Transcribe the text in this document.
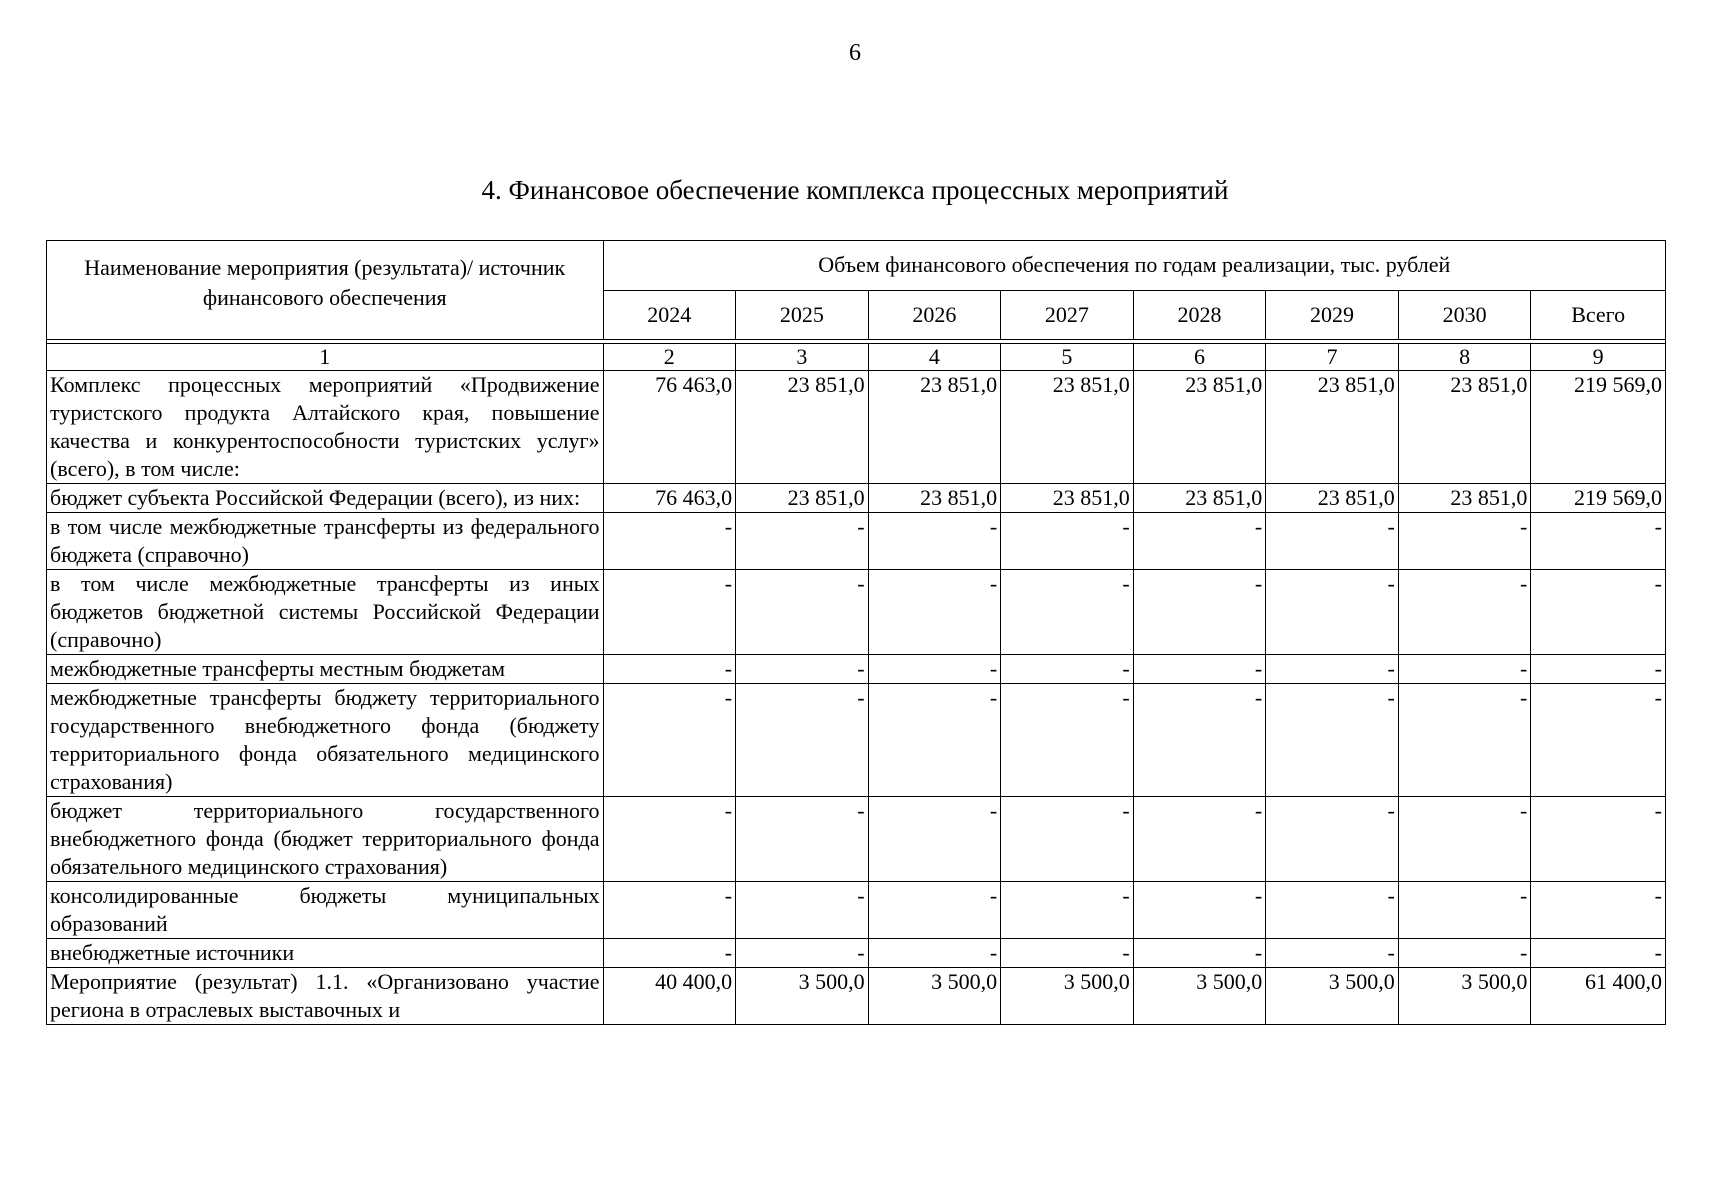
6
4. Финансовое обеспечение комплекса процессных мероприятий
Наименование мероприятия (результата)/ источник финансового обеспечения	Объем финансового обеспечения по годам реализации, тыс. рублей							
	2024	2025	2026	2027	2028	2029	2030	Всего

1	2	3	4	5	6	7	8	9
Комплекс процессных мероприятий «Продвижение туристского продукта Алтайского края, повышение качества и конкурентоспособности туристских услуг» (всего), в том числе:	76 463,0	23 851,0	23 851,0	23 851,0	23 851,0	23 851,0	23 851,0	219 569,0
бюджет субъекта Российской Федерации (всего), из них:	76 463,0	23 851,0	23 851,0	23 851,0	23 851,0	23 851,0	23 851,0	219 569,0
в том числе межбюджетные трансферты из федерального бюджета (справочно)	-	-	-	-	-	-	-	-
в том числе межбюджетные трансферты из иных бюджетов бюджетной системы Российской Федерации (справочно)	-	-	-	-	-	-	-	-
межбюджетные трансферты местным бюджетам	-	-	-	-	-	-	-	-
межбюджетные трансферты бюджету территориального государственного внебюджетного фонда (бюджету территориального фонда обязательного медицинского страхования)	-	-	-	-	-	-	-	-
бюджет территориального государственного внебюджетного фонда (бюджет территориального фонда обязательного медицинского страхования)	-	-	-	-	-	-	-	-
консолидированные бюджеты муниципальных образований	-	-	-	-	-	-	-	-
внебюджетные источники	-	-	-	-	-	-	-	-
Мероприятие (результат) 1.1. «Организовано участие региона в отраслевых выставочных и	40 400,0	3 500,0	3 500,0	3 500,0	3 500,0	3 500,0	3 500,0	61 400,0
